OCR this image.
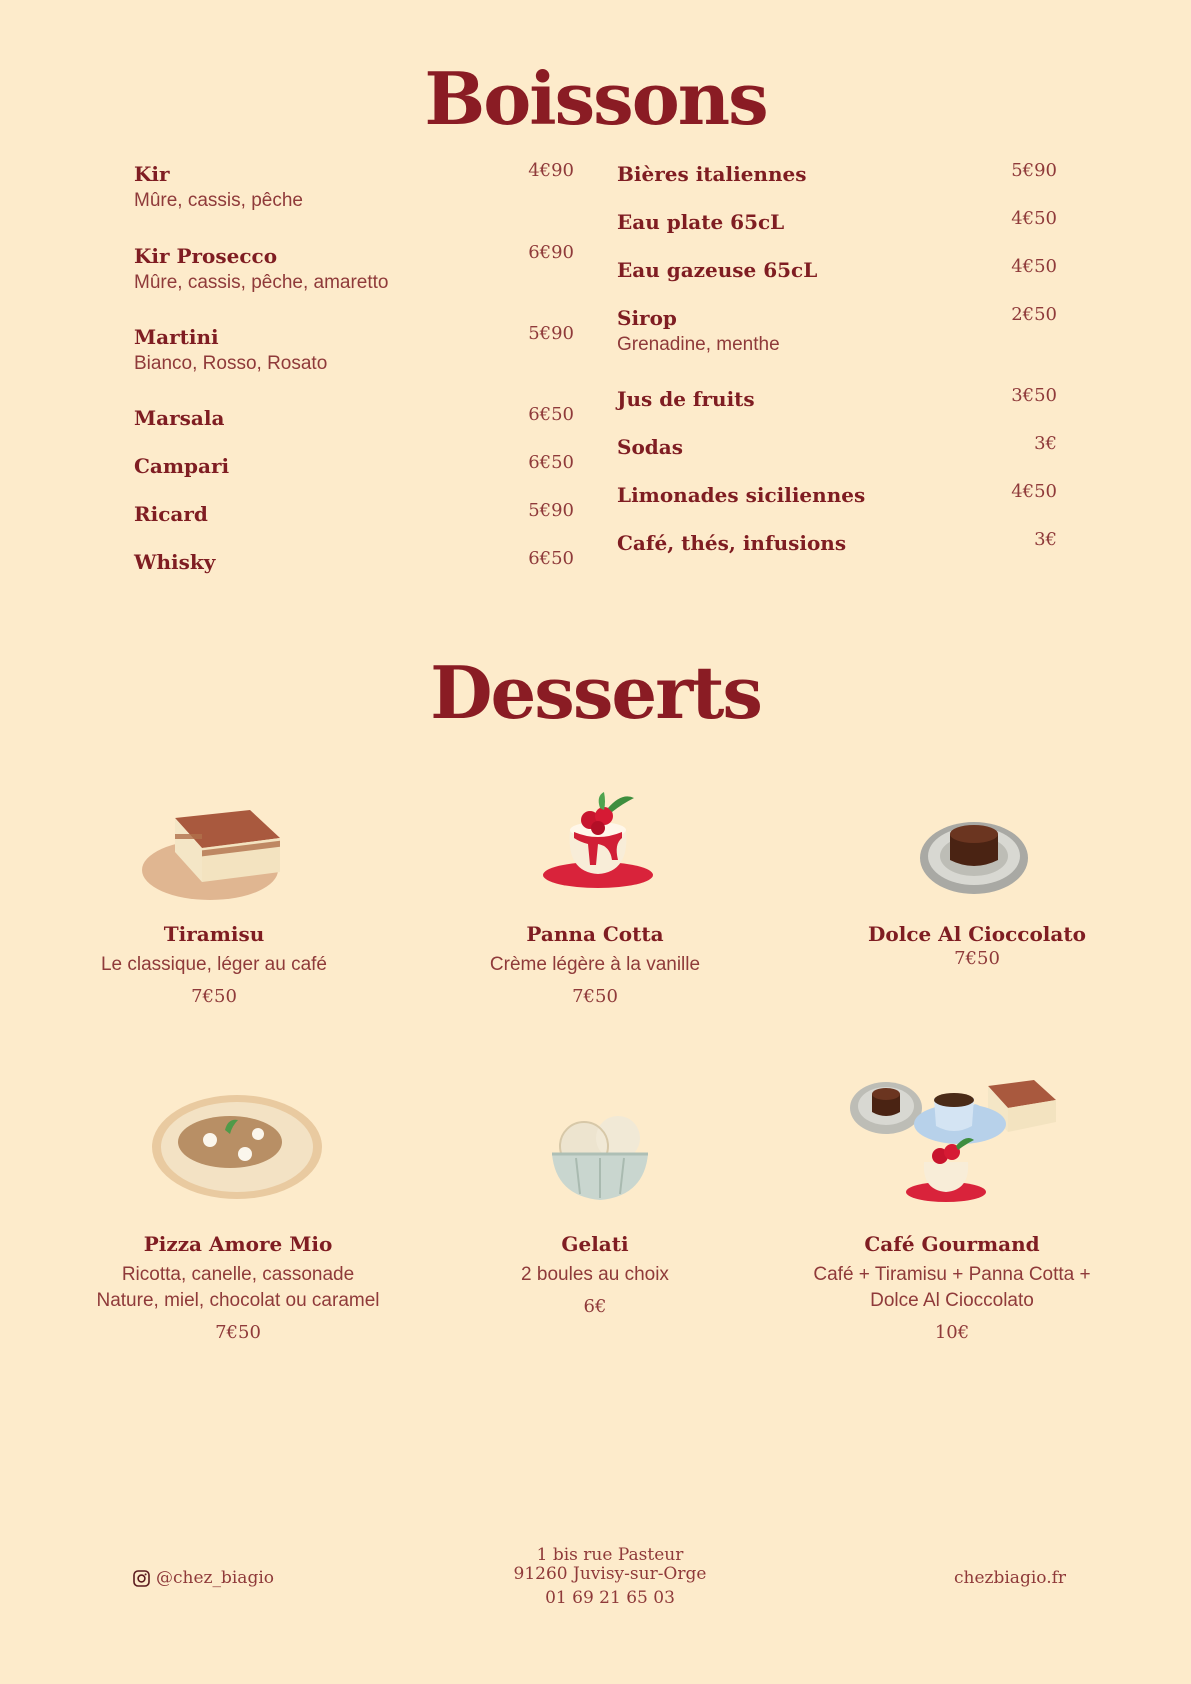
Boissons
Kir
Mûre, cassis, pêche
4€90
Kir Prosecco
Mûre, cassis, pêche, amaretto
6€90
Martini
Bianco, Rosso, Rosato
5€90
Marsala	6€50
Campari	6€50
Ricard	5€90
Whisky	6€50
Bières italiennes	5€90
Eau plate 65cL	4€50
Eau gazeuse 65cL	4€50
Sirop
Grenadine, menthe
2€50
Jus de fruits	3€50
Sodas	3€
Limonades siciliennes	4€50
Café, thés, infusions	3€
Desserts
Tiramisu
Le classique, léger au café
7€50
Panna Cotta
Crème légère à la vanille
7€50
Dolce Al Cioccolato
7€50
Pizza Amore Mio
Ricotta, canelle, cassonade
Nature, miel, chocolat ou caramel
7€50
Gelati
2 boules au choix
6€
Café Gourmand
Café + Tiramisu + Panna Cotta +
Dolce Al Cioccolato
10€
@chez_biagio
1 bis rue Pasteur
91260 Juvisy-sur-Orge
01 69 21 65 03
chezbiagio.fr
